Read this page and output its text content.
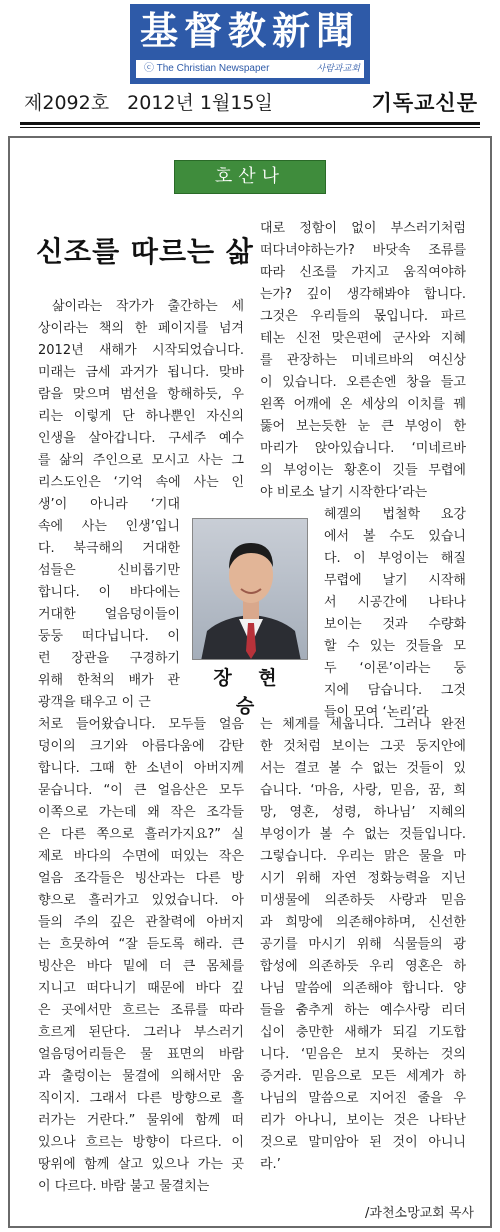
基督教新聞
ⓒ The Christian Newspaper	사람과교회
제2092호 2012년 1월15일	기독교신문
호산나
신조를 따르는 삶
삶이라는 작가가 출간하는 세
상이라는 책의 한 페이지를 넘겨
2012년 새해가 시작되었습니다.
미래는 금세 과거가 됩니다. 맞바
람을 맞으며 범선을 항해하듯, 우
리는 이렇게 단 하나뿐인 자신의
인생을 살아갑니다. 구세주 예수
를 삶의 주인으로 모시고 사는 그
리스도인은 ‘기억 속에 사는 인
생’이 아니라 ‘기대
속에 사는 인생’입니
다. 북극해의 거대한
섬들은 신비롭기만
합니다. 이 바다에는
거대한 얼음덩이들이
둥둥 떠다닙니다. 이
런 장관을 구경하기
위해 한척의 배가 관
광객을 태우고 이 근
처로 들어왔습니다. 모두들 얼음
덩이의 크기와 아름다움에 감탄
합니다. 그때 한 소년이 아버지께
묻습니다. “이 큰 얼음산은 모두
이쪽으로 가는데 왜 작은 조각들
은 다른 쪽으로 흘러가지요?” 실
제로 바다의 수면에 떠있는 작은
얼음 조각들은 빙산과는 다른 방
향으로 흘러가고 있었습니다. 아
들의 주의 깊은 관찰력에 아버지
는 흐뭇하여 “잘 듣도록 해라. 큰
빙산은 바다 밑에 더 큰 몸체를
지니고 떠다니기 때문에 바다 깊
은 곳에서만 흐르는 조류를 따라
흐르게 된단다. 그러나 부스러기
얼음덩어리들은 물 표면의 바람
과 출렁이는 물결에 의해서만 움
직이지. 그래서 다른 방향으로 흘
러가는 거란다.” 물위에 함께 떠
있으나 흐르는 방향이 다르다. 이
땅위에 함께 살고 있으나 가는 곳
이 다르다. 바람 불고 물결치는
대로 정함이 없이 부스러기처럼
떠다녀야하는가? 바닷속 조류를
따라 신조를 가지고 움직여야하
는가? 깊이 생각해봐야 합니다.
그것은 우리들의 몫입니다. 파르
테논 신전 맞은편에 군사와 지혜
를 관장하는 미네르바의 여신상
이 있습니다. 오른손엔 창을 들고
왼쪽 어깨에 온 세상의 이치를 꿰
뚫어 보는듯한 눈 큰 부엉이 한
마리가 앉아있습니다. ‘미네르바
의 부엉이는 황혼이 깃들 무렵에
야 비로소 날기 시작한다’라는
헤겔의 법철학 요강
에서 볼 수도 있습니
다. 이 부엉이는 해질
무렵에 날기 시작해
서 시공간에 나타나
보이는 것과 수량화
할 수 있는 것들을 모
두 ‘이론’이라는 둥
지에 담습니다. 그것
들이 모여 ‘논리’라
는 체계를 세웁니다. 그러나 완전
한 것처럼 보이는 그곳 둥지안에
서는 결코 볼 수 없는 것들이 있
습니다. ‘마음, 사랑, 믿음, 꿈, 희
망, 영혼, 성령, 하나님’ 지혜의
부엉이가 볼 수 없는 것들입니다.
그렇습니다. 우리는 맑은 물을 마
시기 위해 자연 정화능력을 지닌
미생물에 의존하듯 사랑과 믿음
과 희망에 의존해야하며, 신선한
공기를 마시기 위해 식물들의 광
합성에 의존하듯 우리 영혼은 하
나님 말씀에 의존해야 합니다. 양
들을 춤추게 하는 예수사랑 리더
십이 충만한 새해가 되길 기도합
니다. ‘믿음은 보지 못하는 것의
증거라. 믿음으로 모든 세계가 하
나님의 말씀으로 지어진 줄을 우
리가 아나니, 보이는 것은 나타난
것으로 말미암아 된 것이 아니니
라.’
장 현 승
/과천소망교회 목사
